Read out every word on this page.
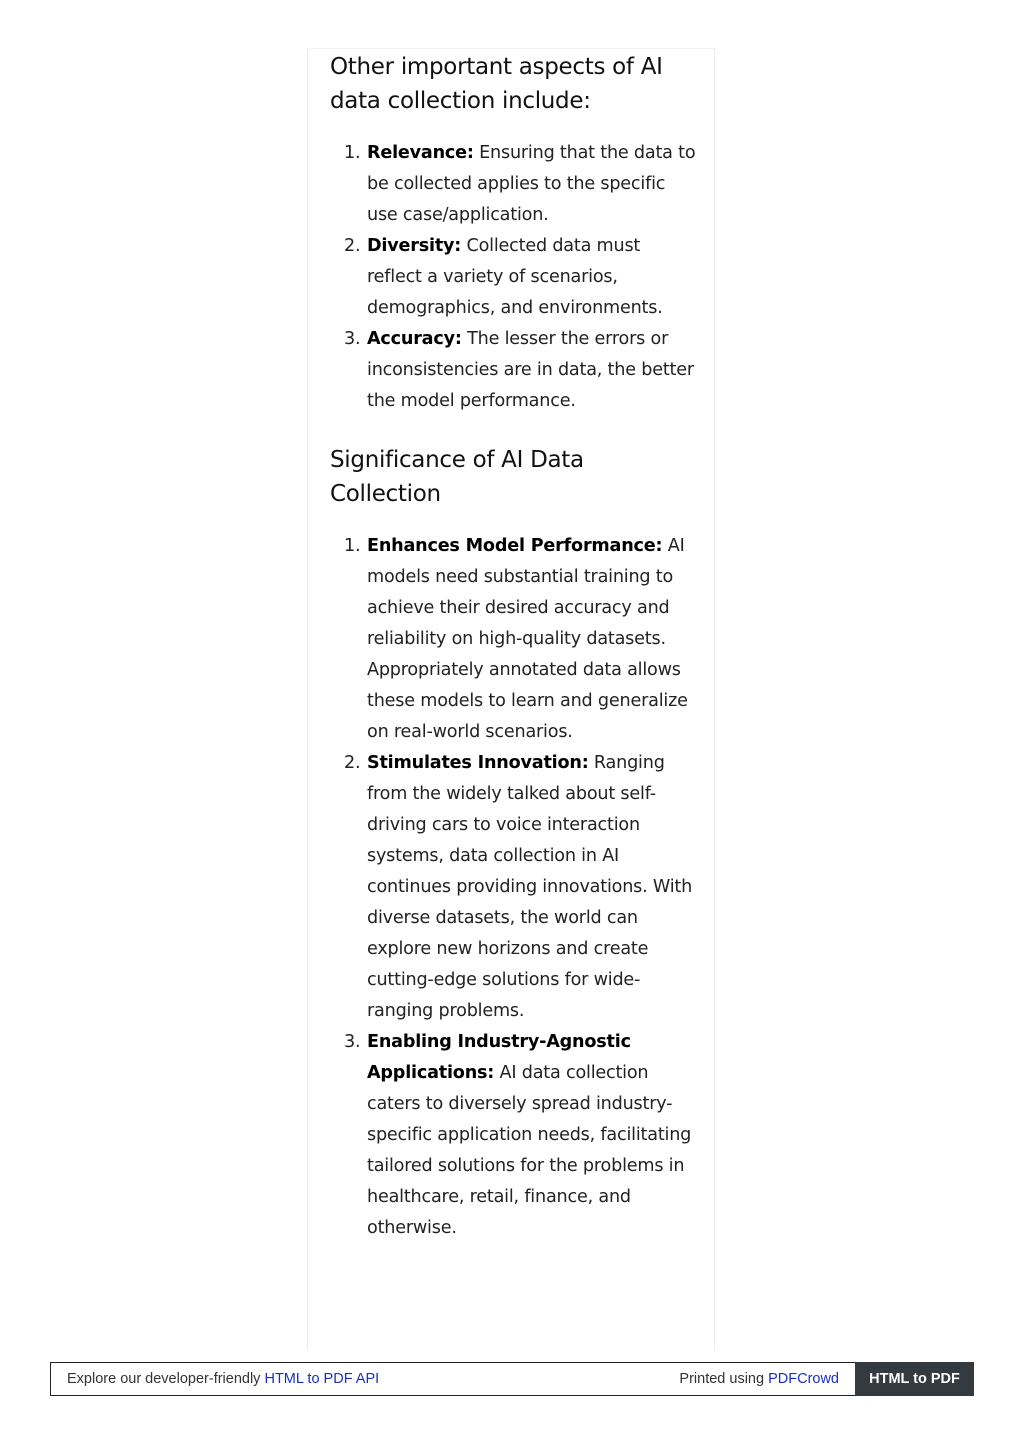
Other important aspects of AI data collection include:
1. Relevance: Ensuring that the data to be collected applies to the specific use case/application.
2. Diversity: Collected data must reflect a variety of scenarios, demographics, and environments.
3. Accuracy: The lesser the errors or inconsistencies are in data, the better the model performance.
Significance of AI Data Collection
1. Enhances Model Performance: AI models need substantial training to achieve their desired accuracy and reliability on high-quality datasets. Appropriately annotated data allows these models to learn and generalize on real-world scenarios.
2. Stimulates Innovation: Ranging from the widely talked about self-driving cars to voice interaction systems, data collection in AI continues providing innovations. With diverse datasets, the world can explore new horizons and create cutting-edge solutions for wide-ranging problems.
3. Enabling Industry-Agnostic Applications: AI data collection caters to diversely spread industry-specific application needs, facilitating tailored solutions for the problems in healthcare, retail, finance, and otherwise.
Explore our developer-friendly HTML to PDF API	Printed using PDFCrowd	HTML to PDF
